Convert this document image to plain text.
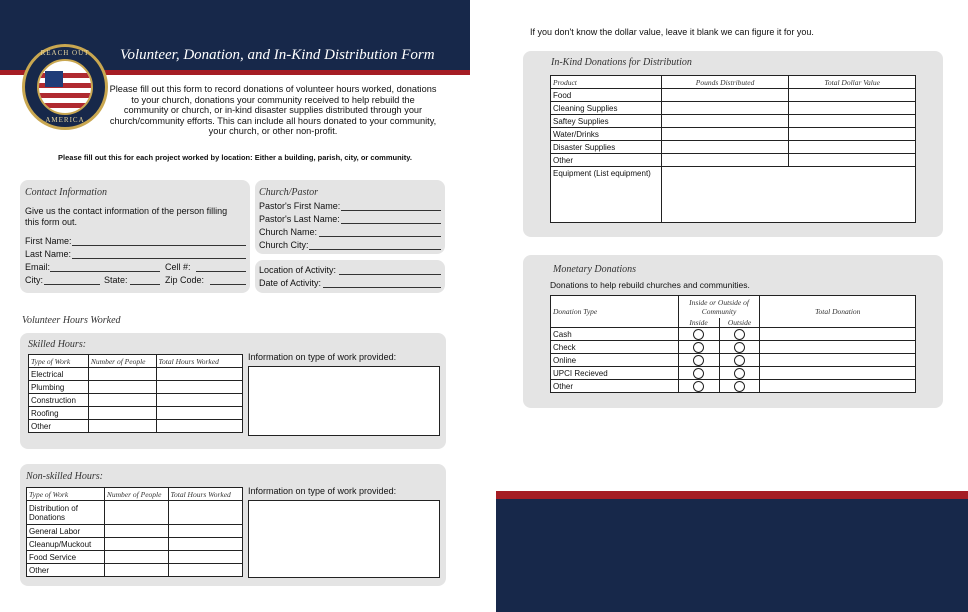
Volunteer, Donation, and In-Kind Distribution Form
REACH OUT
AMERICA
Please fill out this form to record donations of volunteer hours worked, donations to your church, donations your community received to help rebuild the community or church, or in-kind disaster supplies distributed through your church/community efforts. This can include all hours donated to your community, your church, or other non-profit.
Please fill out this for each project worked by location: Either a building, parish, city, or community.
Contact Information
Give us the contact information of the person filling this form out.
First Name:
Last Name:
Email:	Cell #:
City:	State:	Zip Code:
Church/Pastor
Pastor's First Name:
Pastor's Last Name:
Church Name:
Church City:
Location of Activity:
Date of Activity:
Volunteer Hours Worked
Skilled Hours:
Type of Work	Number of People	Total Hours Worked
Electrical		
Plumbing		
Construction		
Roofing		
Other		
Information on type of work provided:
Non-skilled Hours:
Type of Work	Number of People	Total Hours Worked
Distribution of Donations		
General Labor		
Cleanup/Muckout		
Food Service		
Other		
Information on type of work provided:
If you don't know the dollar value, leave it blank we can figure it for you.
In-Kind Donations for Distribution
Product	Pounds Distributed	Total Dollar Value
Food		
Cleaning Supplies		
Saftey Supplies		
Water/Drinks		
Disaster Supplies		
Other		
Equipment (List equipment)		
Monetary Donations
Donations to help rebuild churches and communities.
Donation Type	Inside or Outside of Community		Total Donation
	Inside	Outside	
Cash			
Check			
Online			
UPCI Recieved			
Other			
